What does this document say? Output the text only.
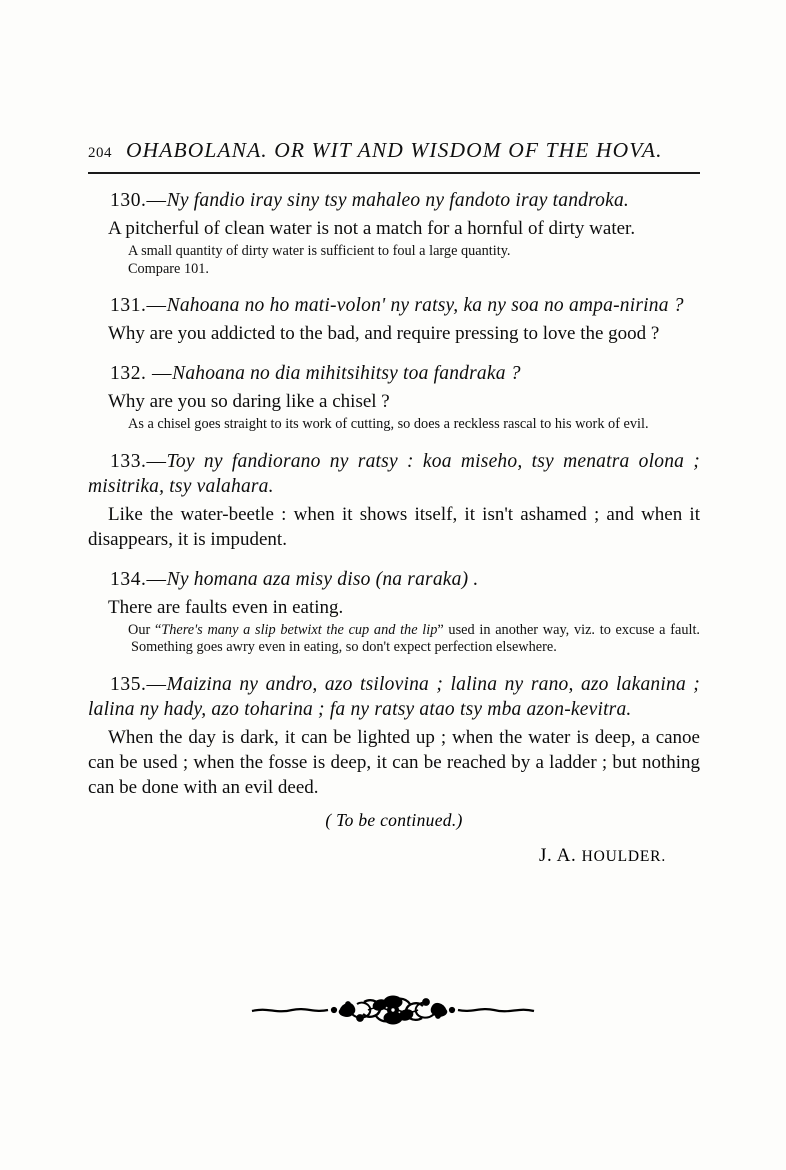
204 OHABOLANA. OR WIT AND WISDOM OF THE HOVA.

130.—Ny fandio iray siny tsy mahaleo ny fandoto iray tandroka.

A pitcherful of clean water is not a match for a hornful of dirty water.

A small quantity of dirty water is sufficient to foul a large quantity.
Compare 101.

131.—Nahoana no ho mati-volon' ny ratsy, ka ny soa no ampa-nirina ?

Why are you addicted to the bad, and require pressing to love the good ?

132. —Nahoana no dia mihitsihitsy toa fandraka ?

Why are you so daring like a chisel ?

As a chisel goes straight to its work of cutting, so does a reckless rascal to his work of evil.

133.—Toy ny fandiorano ny ratsy : koa miseho, tsy menatra olona ; misitrika, tsy valahara.

Like the water-beetle : when it shows itself, it isn't ashamed ; and when it disappears, it is impudent.

134.—Ny homana aza misy diso (na raraka) .

There are faults even in eating.

Our “There's many a slip betwixt the cup and the lip” used in another way, viz. to excuse a fault. Something goes awry even in eating, so don't expect perfection elsewhere.

135.—Maizina ny andro, azo tsilovina ; lalina ny rano, azo lakanina ; lalina ny hady, azo toharina ; fa ny ratsy atao tsy mba azon-kevitra.

When the day is dark, it can be lighted up ; when the water is deep, a canoe can be used ; when the fosse is deep, it can be reached by a ladder ; but nothing can be done with an evil deed.

( To be continued.)
J. A. HOULDER.
